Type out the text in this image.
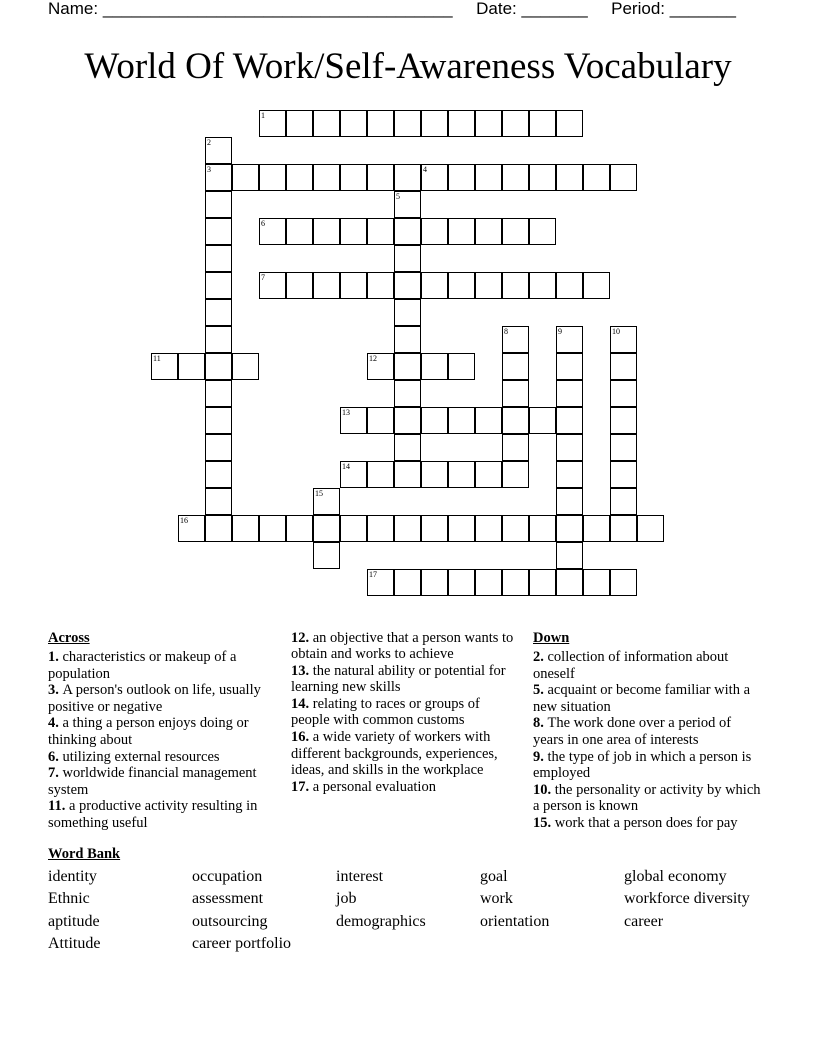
Name: _____________________________________ Date: _______ Period: _______
World Of Work/Self-Awareness Vocabulary
1
2
3	4
5
6
7
8	9	10
11	12
13
14
15
16
17
Across
1. characteristics or makeup of a population
3. A person's outlook on life, usually positive or negative
4. a thing a person enjoys doing or thinking about
6. utilizing external resources
7. worldwide financial management system
11. a productive activity resulting in something useful
12. an objective that a person wants to obtain and works to achieve
13. the natural ability or potential for learning new skills
14. relating to races or groups of people with common customs
16. a wide variety of workers with different backgrounds, experiences, ideas, and skills in the workplace
17. a personal evaluation
Down
2. collection of information about oneself
5. acquaint or become familiar with a new situation
8. The work done over a period of years in one area of interests
9. the type of job in which a person is employed
10. the personality or activity by which a person is known
15. work that a person does for pay
Word Bank
identity	occupation	interest	goal	global economy
Ethnic	assessment	job	work	workforce diversity
aptitude	outsourcing	demographics	orientation	career
Attitude	career portfolio
